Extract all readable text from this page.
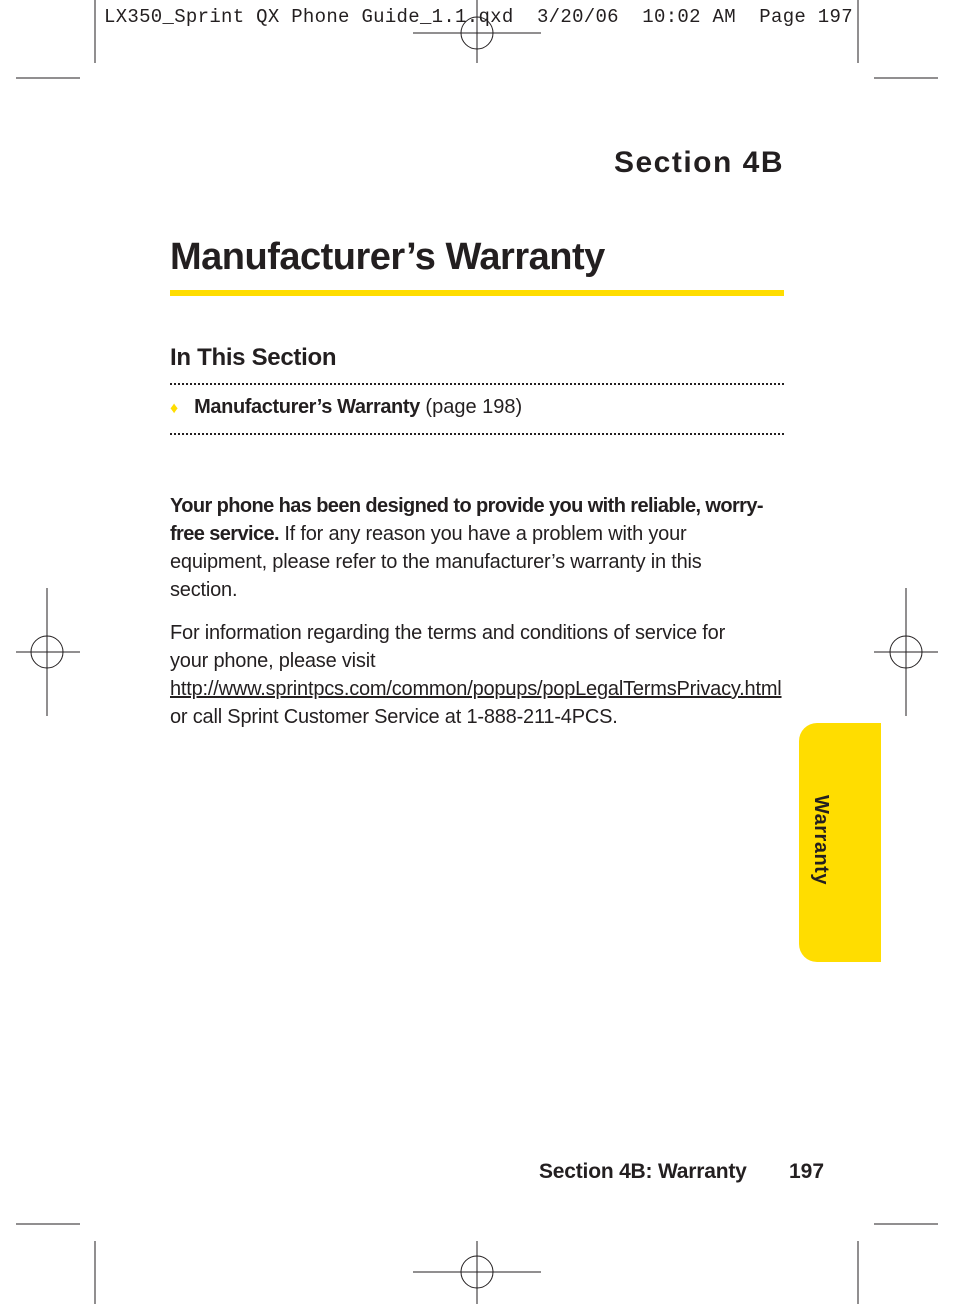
LX350_Sprint QX Phone Guide_1.1.qxd  3/20/06  10:02 AM  Page 197
Section 4B
Manufacturer’s Warranty
In This Section
♦ Manufacturer’s Warranty (page 198)

Your phone has been designed to provide you with reliable, worry-free service. If for any reason you have a problem with your equipment, please refer to the manufacturer’s warranty in this section.

For information regarding the terms and conditions of service for your phone, please visit http://www.sprintpcs.com/common/popups/popLegalTermsPrivacy.html or call Sprint Customer Service at 1-888-211-4PCS.

Warranty
Section 4B: Warranty 197
